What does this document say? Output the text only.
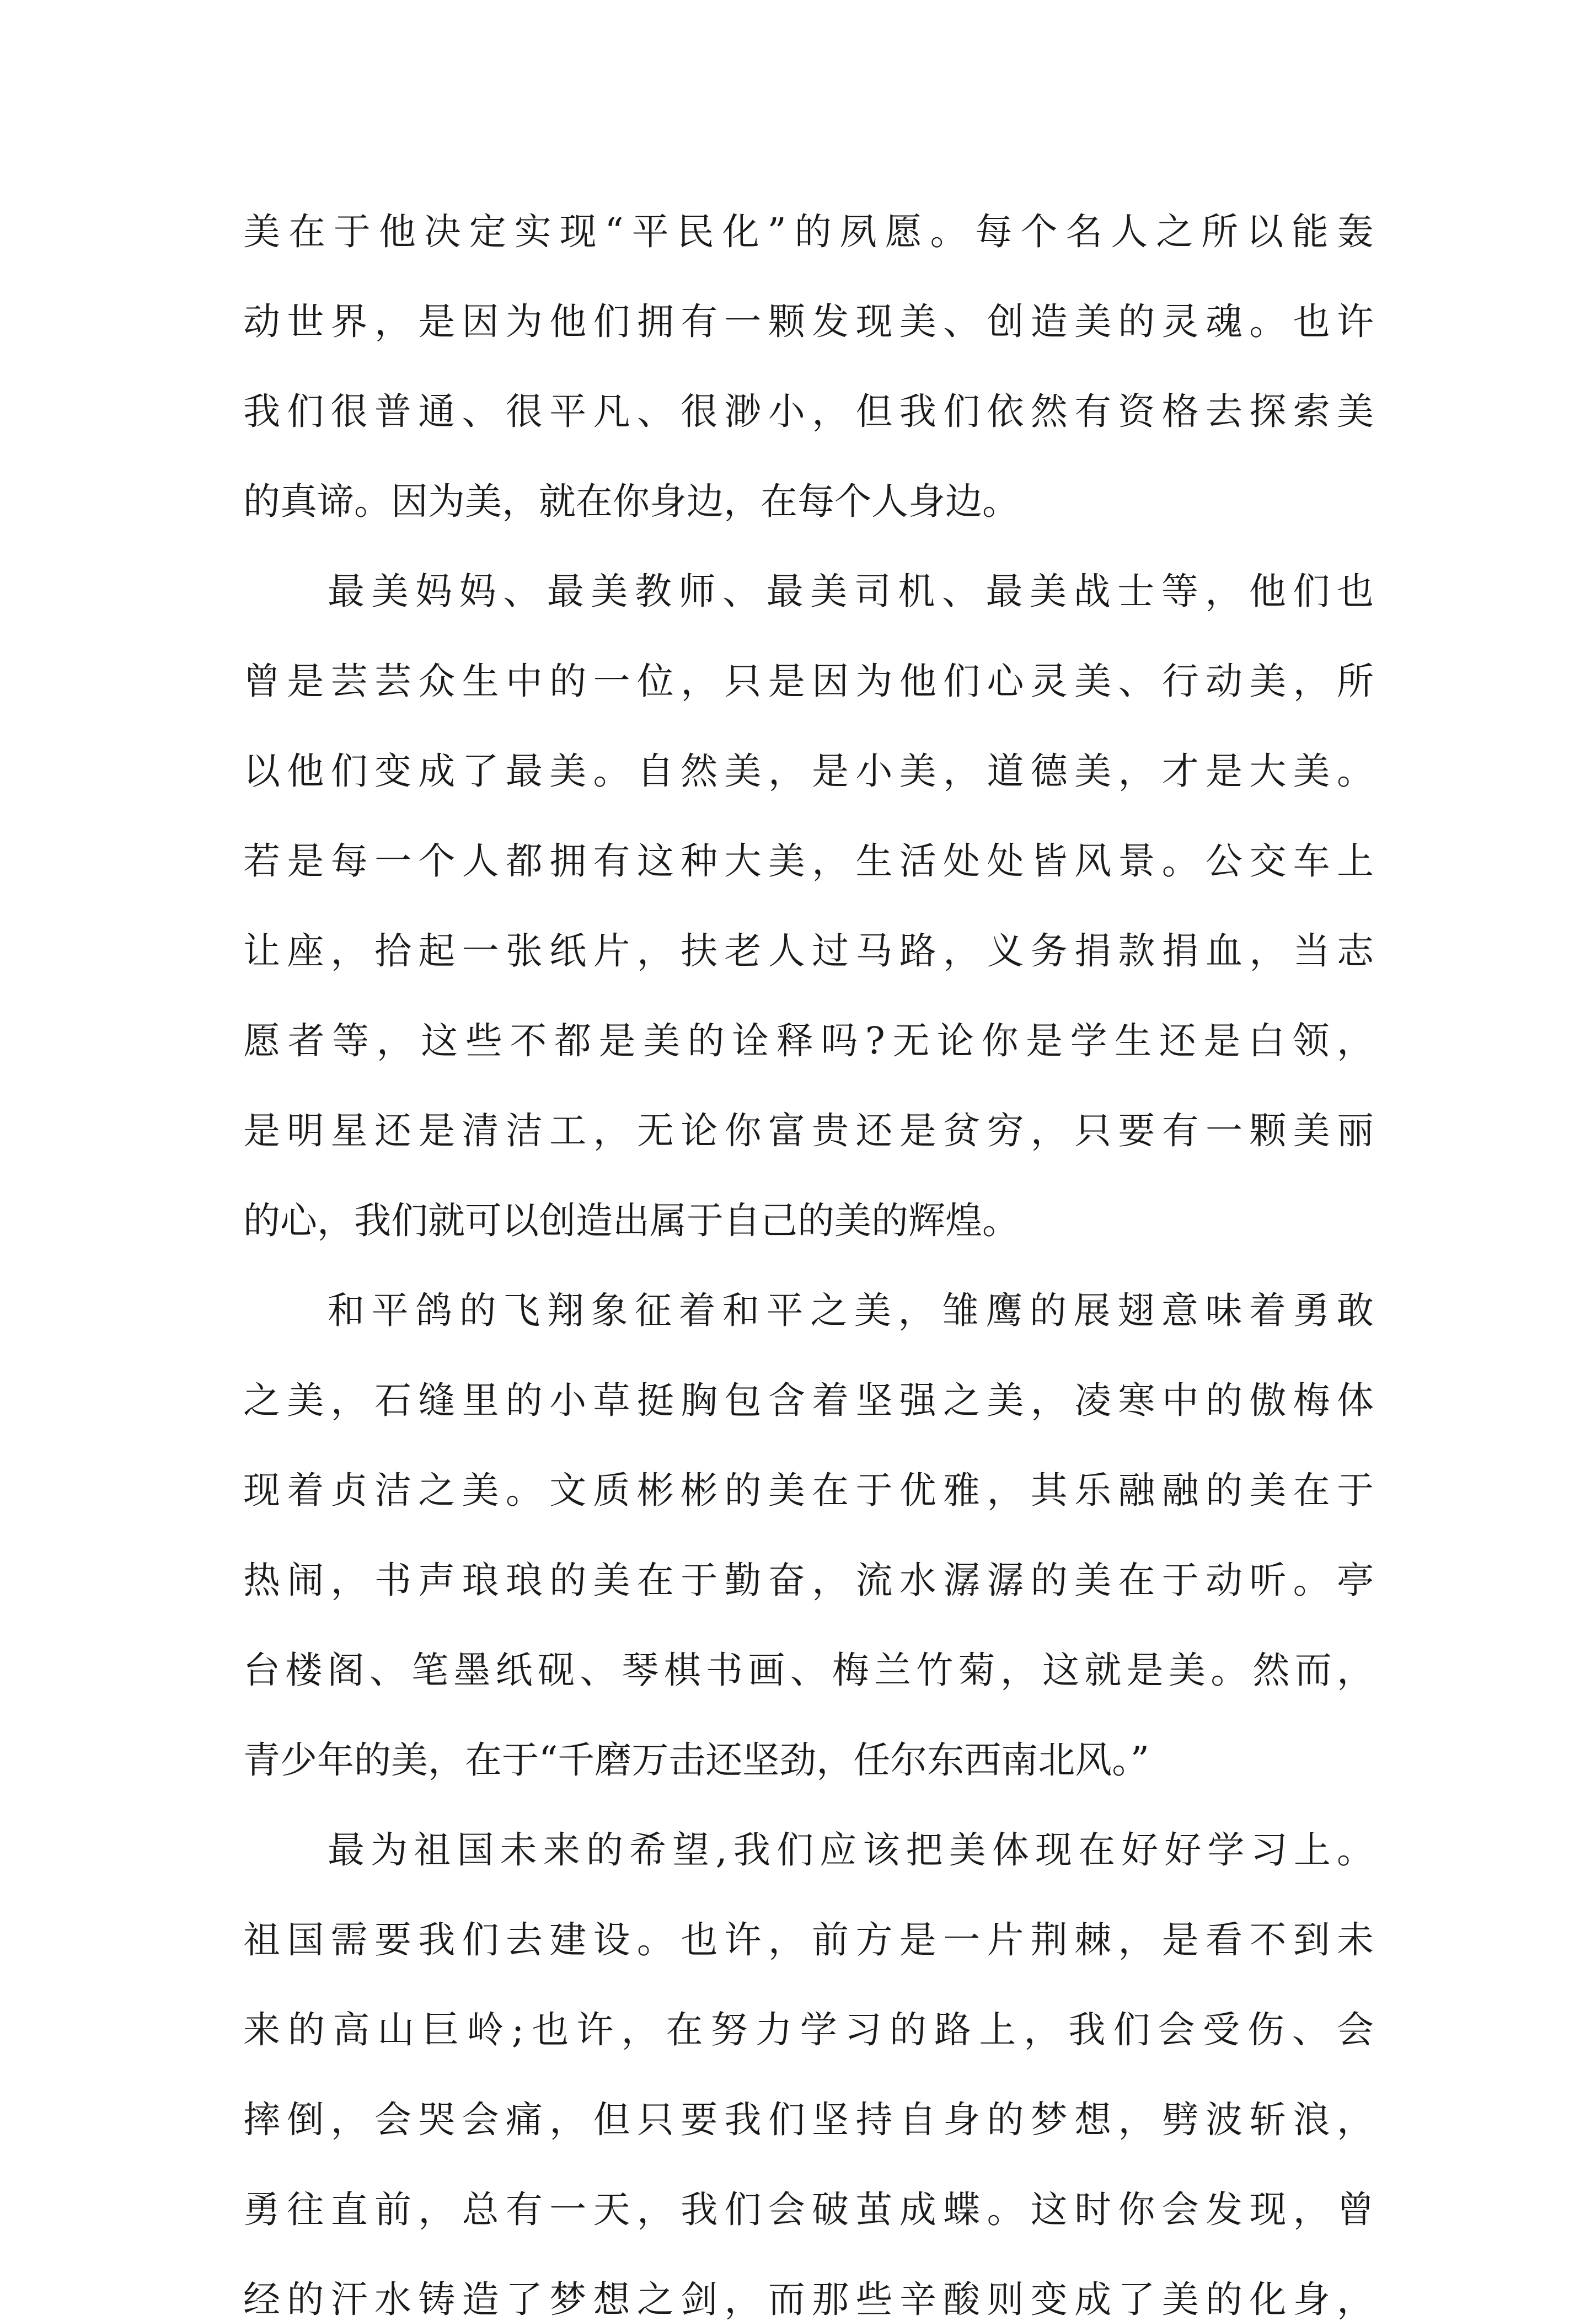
美在于他决定实现“平民化”的夙愿。每个名人之所以能轰
动世界，是因为他们拥有一颗发现美、创造美的灵魂。也许
我们很普通、很平凡、很渺小，但我们依然有资格去探索美
的真谛。因为美，就在你身边，在每个人身边。
最美妈妈、最美教师、最美司机、最美战士等，他们也
曾是芸芸众生中的一位，只是因为他们心灵美、行动美，所
以他们变成了最美。自然美，是小美，道德美，才是大美。
若是每一个人都拥有这种大美，生活处处皆风景。公交车上
让座，拾起一张纸片，扶老人过马路，义务捐款捐血，当志
愿者等，这些不都是美的诠释吗?无论你是学生还是白领，
是明星还是清洁工，无论你富贵还是贫穷，只要有一颗美丽
的心，我们就可以创造出属于自己的美的辉煌。
和平鸽的飞翔象征着和平之美，雏鹰的展翅意味着勇敢
之美，石缝里的小草挺胸包含着坚强之美，凌寒中的傲梅体
现着贞洁之美。文质彬彬的美在于优雅，其乐融融的美在于
热闹，书声琅琅的美在于勤奋，流水潺潺的美在于动听。亭
台楼阁、笔墨纸砚、琴棋书画、梅兰竹菊，这就是美。然而，
青少年的美，在于“千磨万击还坚劲，任尔东西南北风。”
最为祖国未来的希望,我们应该把美体现在好好学习上。
祖国需要我们去建设。也许，前方是一片荆棘，是看不到未
来的高山巨岭;也许，在努力学习的路上，我们会受伤、会
摔倒，会哭会痛，但只要我们坚持自身的梦想，劈波斩浪，
勇往直前，总有一天，我们会破茧成蝶。这时你会发现，曾
经的汗水铸造了梦想之剑，而那些辛酸则变成了美的化身，
